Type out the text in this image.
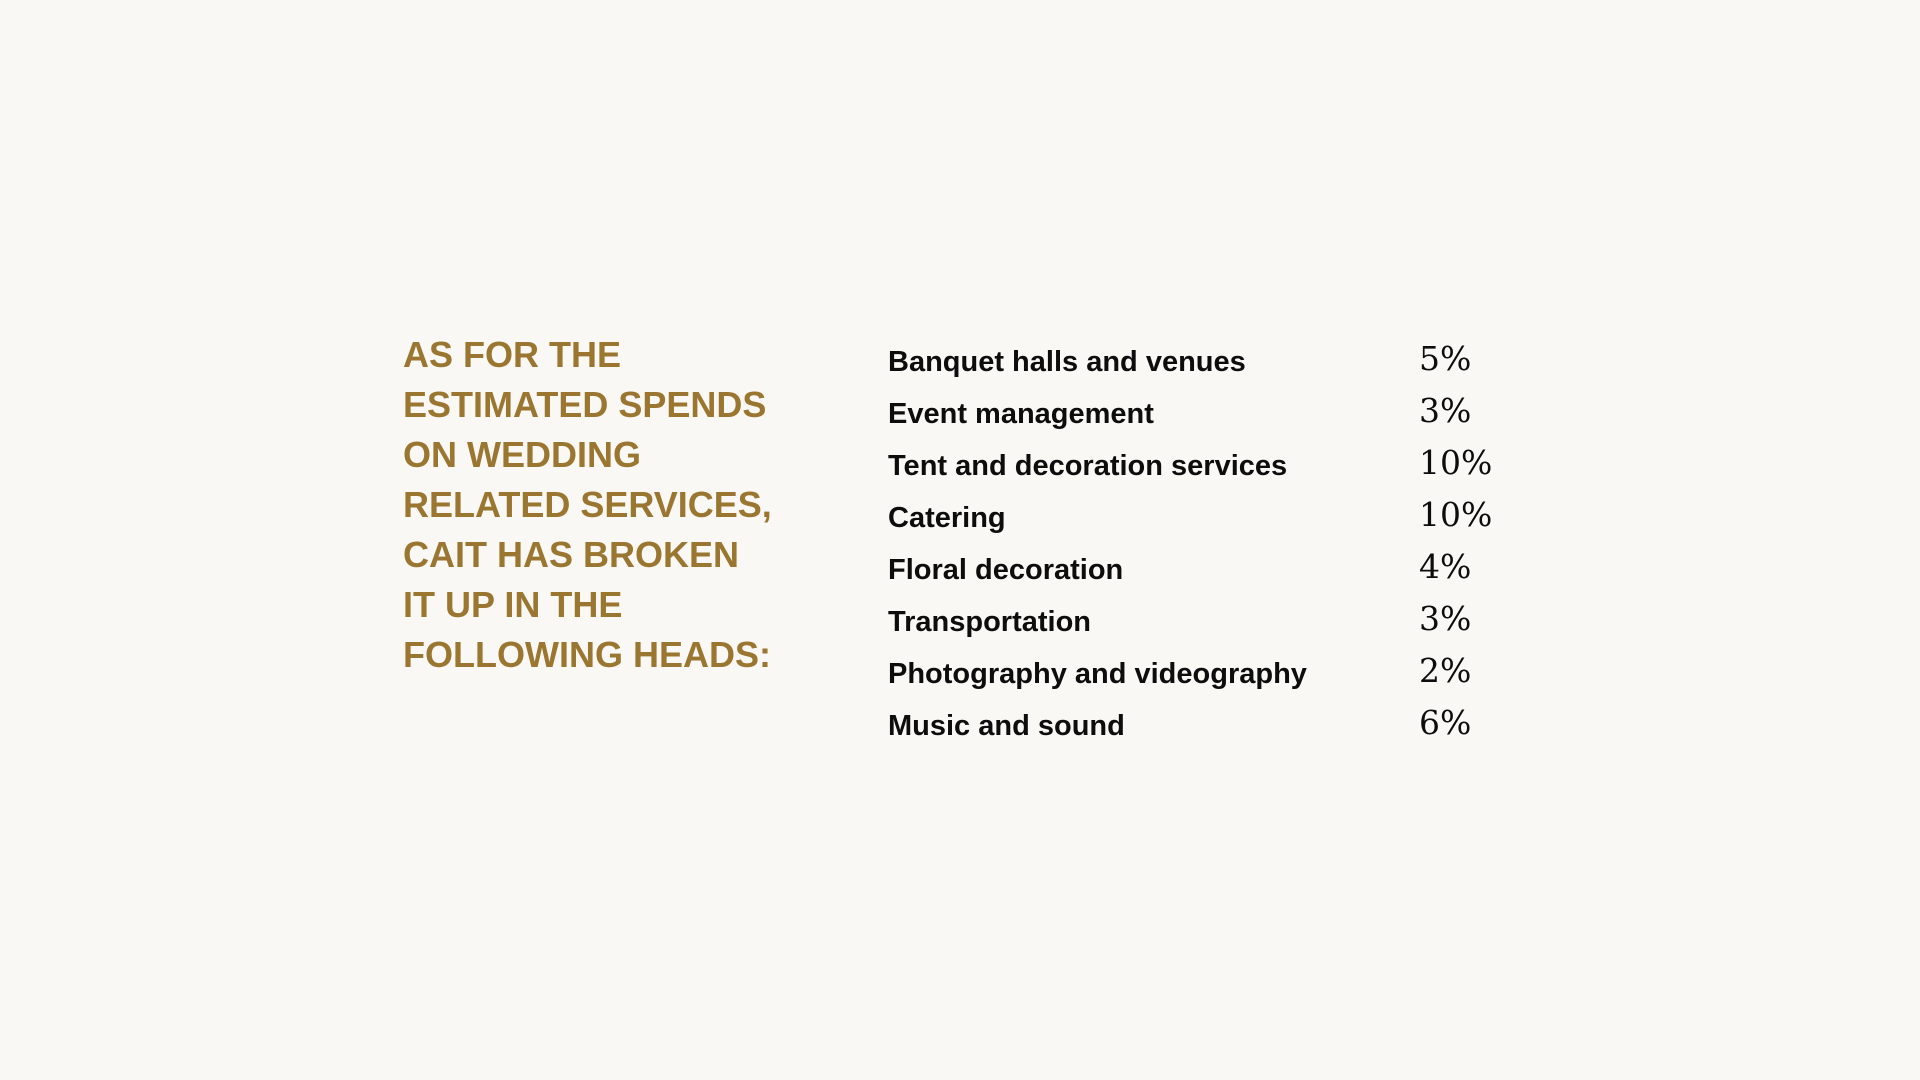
AS FOR THE
ESTIMATED SPENDS
ON WEDDING
RELATED SERVICES,
CAIT HAS BROKEN
IT UP IN THE
FOLLOWING HEADS:
Banquet halls and venues	5%
Event management	3%
Tent and decoration services	10%
Catering	10%
Floral decoration	4%
Transportation	3%
Photography and videography	2%
Music and sound	6%
